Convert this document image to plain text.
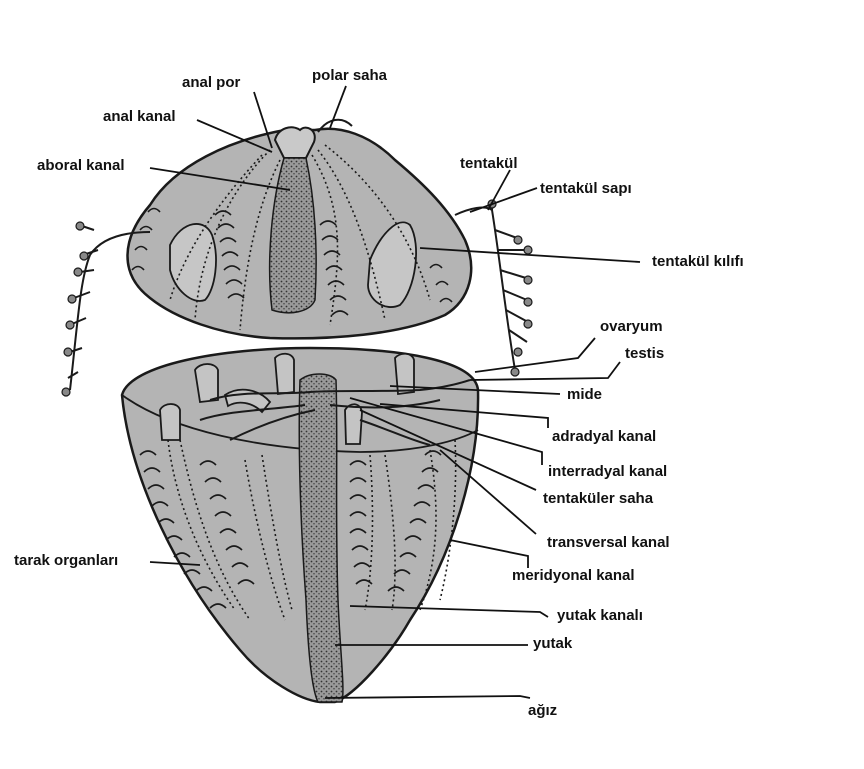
anal por	polar saha
anal kanal
aboral kanal	tentakül
tentakül sapı
tentakül kılıfı
ovaryum
testis
mide
adradyal kanal
interradyal kanal
tentaküler saha
transversal kanal
meridyonal kanal
tarak organları
yutak kanalı
yutak
ağız
